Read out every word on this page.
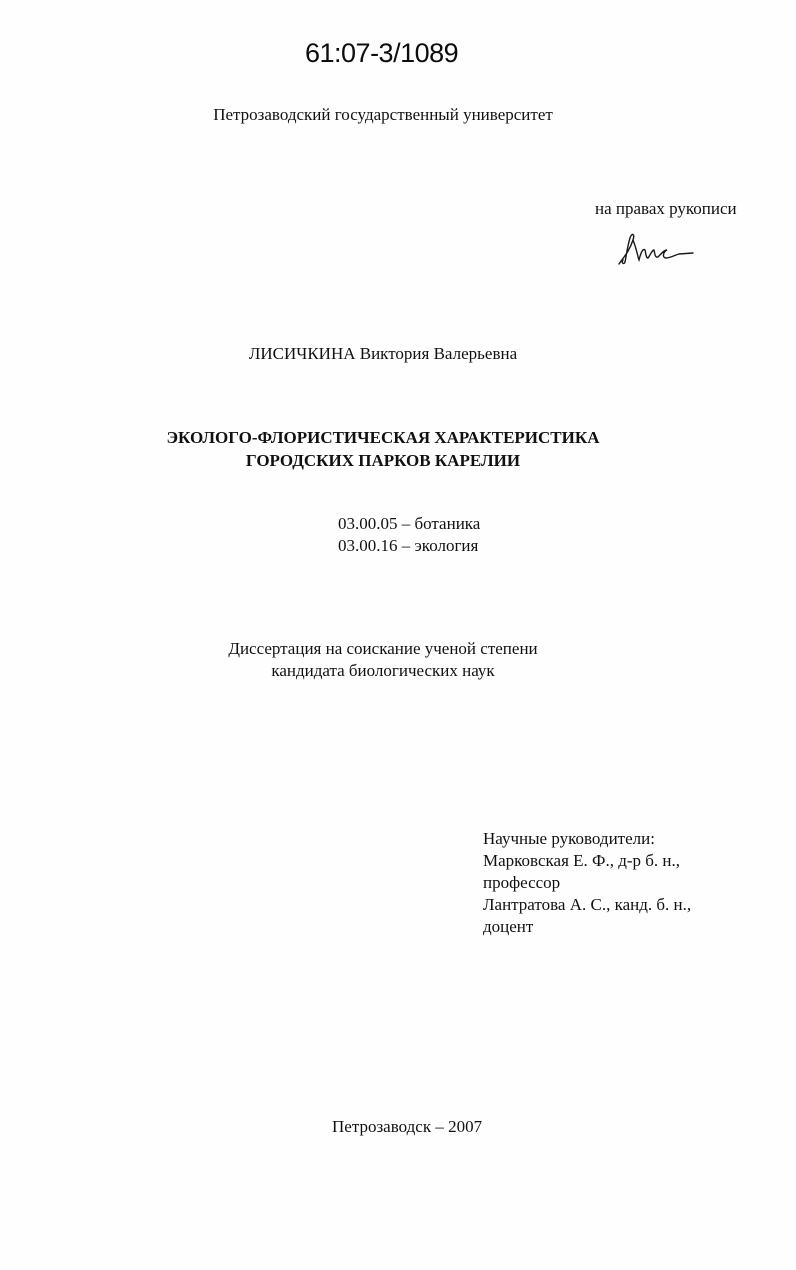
61:07-3/1089
Петрозаводский государственный университет
на правах рукописи
ЛИСИЧКИНА Виктория Валерьевна
ЭКОЛОГО-ФЛОРИСТИЧЕСКАЯ ХАРАКТЕРИСТИКА
ГОРОДСКИХ ПАРКОВ КАРЕЛИИ
03.00.05 – ботаника
03.00.16 – экология
Диссертация на соискание ученой степени
кандидата биологических наук
Научные руководители:
Марковская Е. Ф., д-р б. н.,
профессор
Лантратова А. С., канд. б. н.,
доцент
Петрозаводск – 2007
